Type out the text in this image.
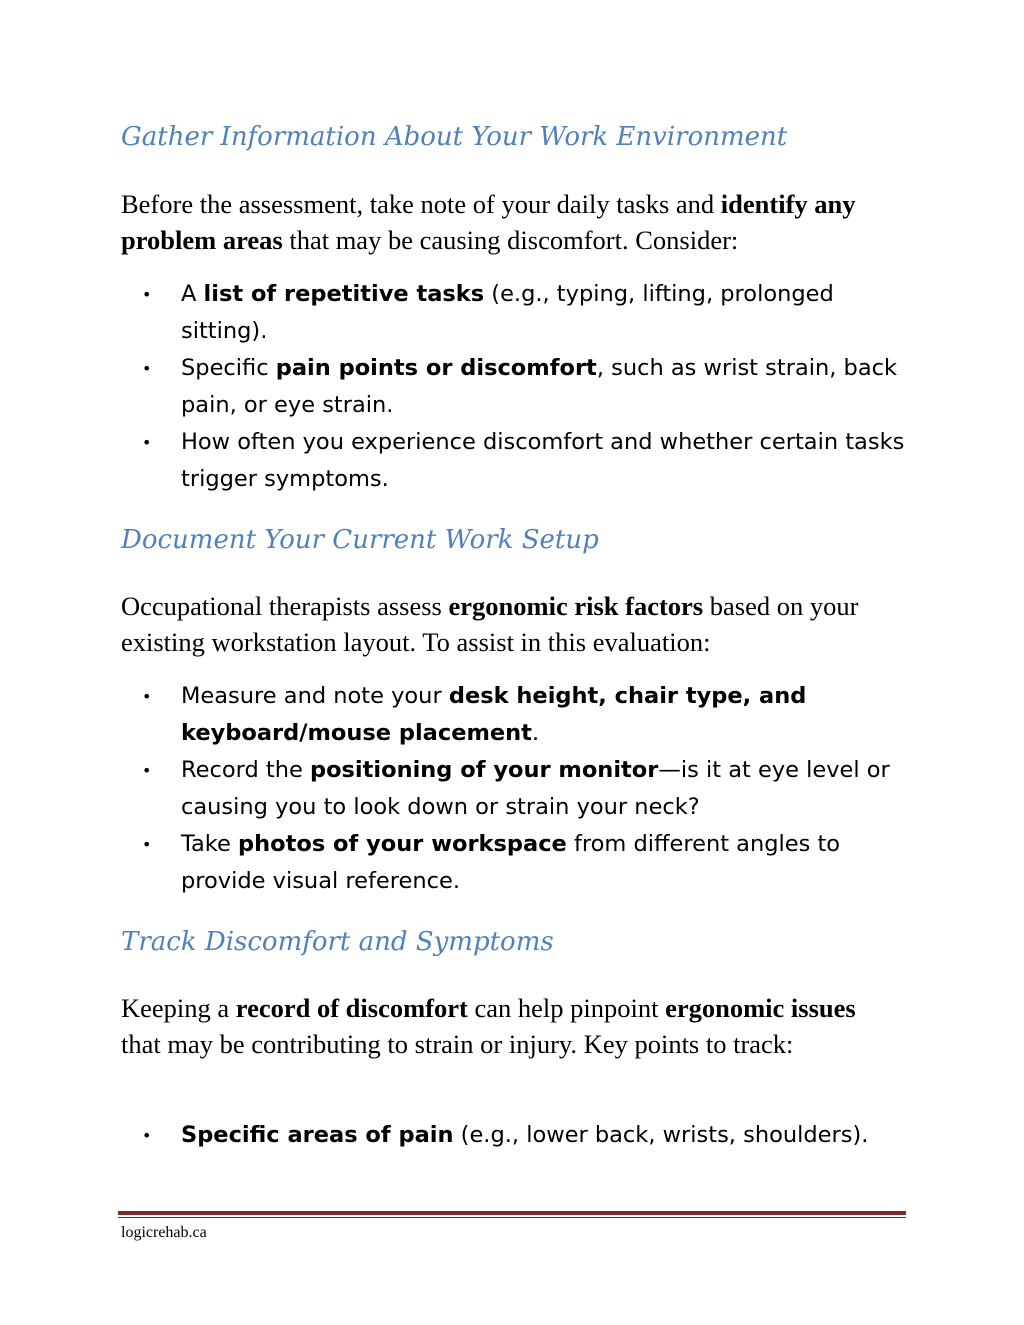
Gather Information About Your Work Environment

Before the assessment, take note of your daily tasks and identify any problem areas that may be causing discomfort. Consider:

• A list of repetitive tasks (e.g., typing, lifting, prolonged sitting).
• Specific pain points or discomfort, such as wrist strain, back pain, or eye strain.
• How often you experience discomfort and whether certain tasks trigger symptoms.
Document Your Current Work Setup

Occupational therapists assess ergonomic risk factors based on your existing workstation layout. To assist in this evaluation:

• Measure and note your desk height, chair type, and keyboard/mouse placement.
• Record the positioning of your monitor—is it at eye level or causing you to look down or strain your neck?
• Take photos of your workspace from different angles to provide visual reference.
Track Discomfort and Symptoms

Keeping a record of discomfort can help pinpoint ergonomic issues that may be contributing to strain or injury. Key points to track:

• Specific areas of pain (e.g., lower back, wrists, shoulders).
logicrehab.ca
